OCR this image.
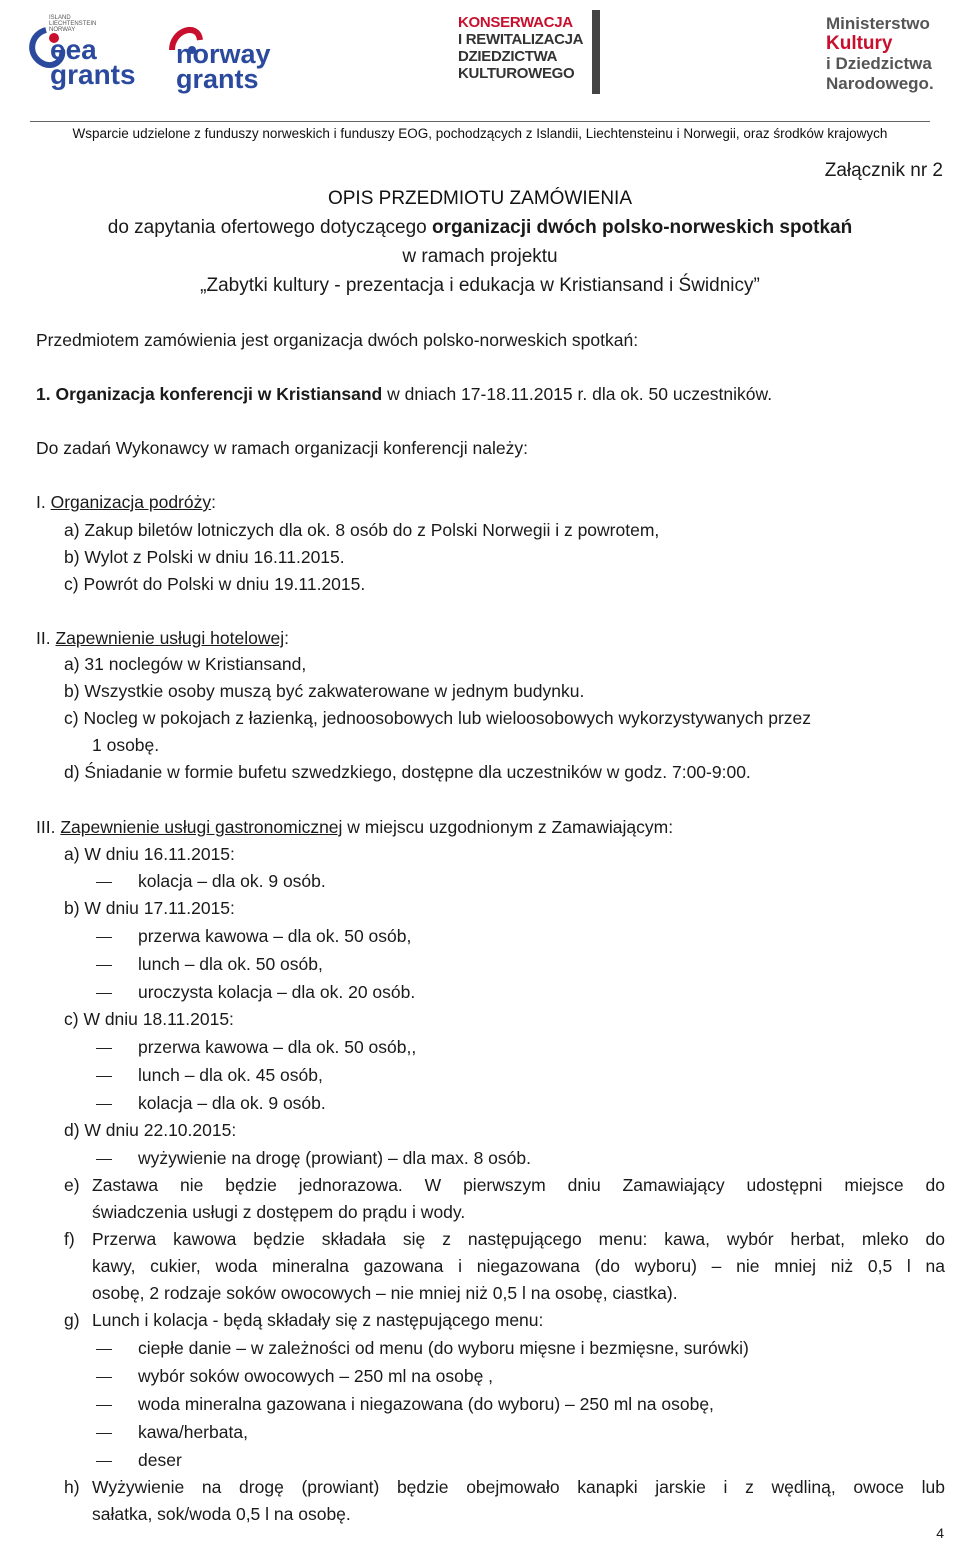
ISLAND LIECHTENSTEIN NORWAY
eea
grants
norway
grants
KONSERWACJA
I REWITALIZACJA
DZIEDZICTWA
KULTUROWEGO
Ministerstwo
Kultury
i Dziedzictwa
Narodowego.
Wsparcie udzielone z funduszy norweskich i funduszy EOG, pochodzących z Islandii, Liechtensteinu i Norwegii, oraz środków krajowych
Załącznik nr 2
OPIS PRZEDMIOTU ZAMÓWIENIA
do zapytania ofertowego dotyczącego organizacji dwóch polsko-norweskich spotkań
w ramach projektu
„Zabytki kultury - prezentacja i edukacja w Kristiansand i Świdnicy”
Przedmiotem zamówienia jest organizacja dwóch polsko-norweskich spotkań:
1. Organizacja konferencji w Kristiansand w dniach 17-18.11.2015 r. dla ok. 50 uczestników.
Do zadań Wykonawcy w ramach organizacji konferencji należy:
I. Organizacja podróży:
a) Zakup biletów lotniczych dla ok. 8 osób do z Polski Norwegii i z powrotem,
b) Wylot z Polski w dniu 16.11.2015.
c) Powrót do Polski w dniu 19.11.2015.
II. Zapewnienie usługi hotelowej:
a) 31 noclegów w Kristiansand,
b) Wszystkie osoby muszą być zakwaterowane w jednym budynku.
c) Nocleg w pokojach z łazienką, jednoosobowych lub wieloosobowych wykorzystywanych przez
1 osobę.
d) Śniadanie w formie bufetu szwedzkiego, dostępne dla uczestników w godz. 7:00-9:00.
III. Zapewnienie usługi gastronomicznej w miejscu uzgodnionym z Zamawiającym:
a) W dniu 16.11.2015:
kolacja – dla ok. 9 osób.
b) W dniu 17.11.2015:
przerwa kawowa – dla ok. 50 osób,
lunch – dla ok. 50 osób,
uroczysta kolacja – dla ok. 20 osób.
c) W dniu 18.11.2015:
przerwa kawowa – dla ok. 50 osób,,
lunch – dla ok. 45 osób,
kolacja – dla ok. 9 osób.
d) W dniu 22.10.2015:
wyżywienie na drogę (prowiant) – dla max. 8 osób.
e) Zastawa nie będzie jednorazowa. W pierwszym dniu Zamawiający udostępni miejsce do
świadczenia usługi z dostępem do prądu i wody.
f) Przerwa kawowa będzie składała się z następującego menu: kawa, wybór herbat, mleko do
kawy, cukier, woda mineralna gazowana i niegazowana (do wyboru) – nie mniej niż 0,5 l na
osobę, 2 rodzaje soków owocowych – nie mniej niż 0,5 l na osobę, ciastka).
g) Lunch i kolacja - będą składały się z następującego menu:
ciepłe danie – w zależności od menu (do wyboru mięsne i bezmięsne, surówki)
wybór soków owocowych – 250 ml na osobę ,
woda mineralna gazowana i niegazowana (do wyboru) – 250 ml na osobę,
kawa/herbata,
deser
h) Wyżywienie na drogę (prowiant) będzie obejmowało kanapki jarskie i z wędliną, owoce lub
sałatka, sok/woda 0,5 l na osobę.
4
